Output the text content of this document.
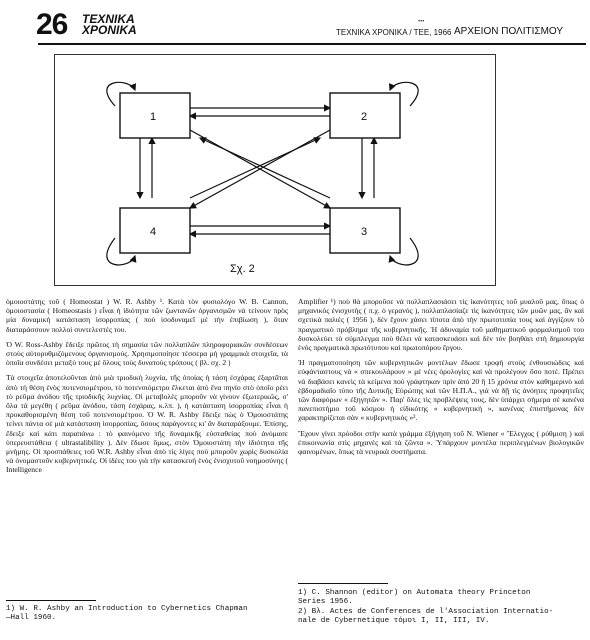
26 ΤΕΧΝΙΚΑ
ΧΡΟΝΙΚΑ
•••
ΤΕΧΝΙΚΑ ΧΡΟΝΙΚΑ / ΤΕΕ, 1966 ΑΡΧΕΙΟΝ ΠΟΛΙΤΙΣΜΟΥ
1	2
3
4
Σχ. 2

ὁμοιοστάτης τοῦ ( Homeostat ) W. R. Ashby ¹. Κατὰ τὸν φυσιολόγο W. B. Cannon, ὁμοιοστασία ( Homeostasis ) εἶναι ἡ ἰδιότητα τῶν ζωντανῶν ὀργανισμῶν νὰ τείνουν πρὸς μία δυναμικὴ κατάσταση ἰσορροπίας ( ποὺ ἰσοδυναμεῖ μὲ τὴν ἐπιβίωση ), ὅταν διαταράσσουν πολλοὶ συντελεστές του.

Ὁ W. Ross-Ashby ἔδειξε πρῶτος τὴ σημασία τῶν πολλαπλῶν πληροφοριακῶν συνδέσεων στοὺς αὐτορυθμιζόμενους ὀργανισμούς. Χρησιμοποίησε τέσσερα μὴ γραμμικὰ στοιχεῖα, τὰ ὁποῖα συνδέσει μεταξύ τους μὲ ὅλους τοὺς δυνατοὺς τρόπους ( βλ. σχ. 2 )

Τὰ στοιχεῖα ἀποτελοῦνται ἀπὸ μιὰ τριοδικὴ λυχνία, τῆς ὁποίας ἡ τάση ἐσχάρας ἐξαρτᾶται ἀπὸ τὴ θέση ἑνὸς ποτενσιομέτρου, τὸ ποτενσιόμετρο ἔλκεται ἀπὸ ἕνα πηνίο στὸ ὁποῖο ρέει τὸ ρεῦμα ἀνόδου τῆς τριοδικῆς λυχνίας. Οἱ μεταβολὲς μποροῦν νὰ γίνουν ἐξωτερικῶς, σ' ὅλα τὰ μεγέθη ( ρεῦμα ἀνόδου, τάση ἐσχάρας, κ.λπ. ), ἡ κατάσταση ἰσορροπίας εἶναι ἡ προκαθορισμένη θέση τοῦ ποτενσιομέτρου. Ὁ W. R. Ashby ἔδειξε πὼς ὁ Ὁμοιοστάτης τείνει πάντα σὲ μιὰ κατάσταση ἰσορροπίας, ὅσους παράγοντες κι' ἂν διαταράξουμε. Ἐπίσης, ἔδειξε καὶ κάτι παραπάνω : τὸ φαινόμενο τῆς δυναμικῆς εὐσταθείας ποὺ ἀνόμασε ὑπερευστάθεια ( ultrastalibility ). Δὲν ἔδωσε ὅμως, στὸν Ὁμοιοστάτη τὴν ἰδιότητα τῆς μνήμης. Οἱ προσπάθειες τοῦ W.R. Ashby εἶναι ἀπὸ τὶς λίγες ποὺ μποροῦν χωρὶς δυσκολία νὰ ὀνομαστοῦν κυβερνητικές. Οἱ ἰδέες του γιὰ τὴν κατασκευὴ ἑνὸς ἐνισχυτοῦ νοημοσύνης ( Intelligence

Amplifier ¹) ποὺ θὰ μποροῦσε νὰ πολλαπλασιάσει τὶς ἱκανότητες τοῦ μυαλοῦ μας, ὅπως ὁ μηχανικὸς ἐνισχυτὴς ( π.χ. ὁ γερανός ), πολλαπλασίαζε τὶς ἱκανότητες τῶν μυῶν μας, ἂν καὶ σχετικὰ παλιὲς ( 1956 ), δὲν ἔχουν χάσει τίποτα ἀπὸ τὴν πρωτοτυπία τους καὶ ἀγγίζουν τὸ πραγματικὸ πρόβλημα τῆς κυβερνητικῆς. Ἡ ἀδυναμία τοῦ μαθηματικοῦ φορμαλισμοῦ του δυσκολεύει τὸ σύμπλεγμα ποὺ θέλει νὰ κατασκευάσει καὶ δὲν τὸν βοηθάει στὴ δημιουργία ἑνὸς πραγματικὰ πρωτότυπου καὶ πρωτοπόρου ἔργου.

Ἡ πραγματοποίηση τῶν κυβερνητικῶν μοντέλων ἔδωσε τροφὴ στοὺς ἐνθουσιώδεις καὶ εὐφάνταστους νὰ « σπεκουλάρουν » μὲ νέες ὁρολογίες καὶ νὰ προλέγουν ὅσο ποτέ. Πρέπει νὰ διαβάσει κανεὶς τὰ κείμενα ποὺ γράφτηκαν πρὶν ἀπὸ 20 ἢ 15 χρόνια στὸν καθημερινὸ καὶ ἑβδομαδιαῖο τύπο τῆς Δυτικῆς Εὐρώπης καὶ τῶν Η.Π.Α., γιὰ νὰ δῇ τὶς ἀνόητες προφητεῖες τῶν διαφόρων « ἐξηγητῶν ». Παρ' ὅλες τὶς προβλέψεις τους, δὲν ὑπάρχει σήμερα σὲ κανένα πανεπιστήμιο τοῦ κόσμου ἡ εἰδικότης « κυβερνητική », κανένας ἐπιστήμονας δὲν χαρακτηρίζεται σὰν « κυβερνητικός »².

Ἔχουν γίνει πρόοδοι στὴν κατὰ γράμμα ἐξήγηση τοῦ N. Wiener « Ἔλεγχος ( ρύθμιση ) καὶ ἐπικοινωνία στὶς μηχανὲς καὶ τὰ ζῶντα ». Ὑπάρχουν μοντέλα περιπλεγμένων βιολογικῶν φαινομένων, ὅπως τὰ νευρικὰ συστήματα.

1) W. R. Ashby an Introduction to Cybernetics Chapman
—Hall 1960.
1) C. Shannon (editor) on Automata theory Princeton
Series 1956.
2) Βλ. Actes de Conferences de l'Association Internatio-
nale de Cybernetique τόμοι I, II, III, IV.
